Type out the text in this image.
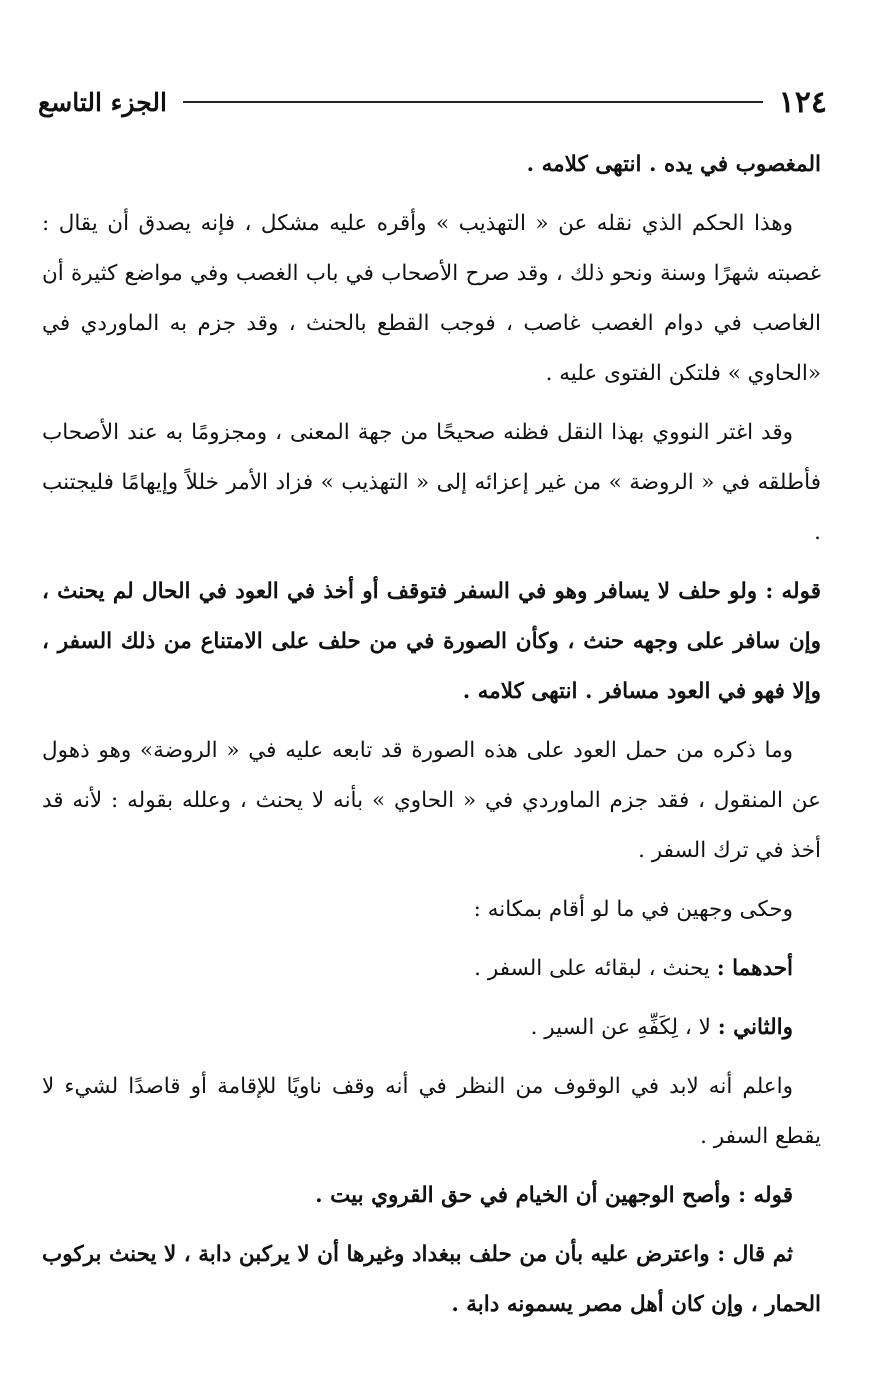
١٢٤
الجزء التاسع

المغصوب في يده . انتهى كلامه .

وهذا الحكم الذي نقله عن « التهذيب » وأقره عليه مشكل ، فإنه يصدق أن يقال : غصبته شهرًا وسنة ونحو ذلك ، وقد صرح الأصحاب في باب الغصب وفي مواضع كثيرة أن الغاصب في دوام الغصب غاصب ، فوجب القطع بالحنث ، وقد جزم به الماوردي في «الحاوي » فلتكن الفتوى عليه .

وقد اغتر النووي بهذا النقل فظنه صحيحًا من جهة المعنى ، ومجزومًا به عند الأصحاب فأطلقه في « الروضة » من غير إعزائه إلى « التهذيب » فزاد الأمر خللاً وإيهامًا فليجتنب .

قوله : ولو حلف لا يسافر وهو في السفر فتوقف أو أخذ في العود في الحال لم يحنث ، وإن سافر على وجهه حنث ، وكأن الصورة في من حلف على الامتناع من ذلك السفر ، وإلا فهو في العود مسافر . انتهى كلامه .

وما ذكره من حمل العود على هذه الصورة قد تابعه عليه في « الروضة» وهو ذهول عن المنقول ، فقد جزم الماوردي في « الحاوي » بأنه لا يحنث ، وعلله بقوله : لأنه قد أخذ في ترك السفر .

وحكى وجهين في ما لو أقام بمكانه :

أحدهما : يحنث ، لبقائه على السفر .

والثاني : لا ، لِكَفِّهِ عن السير .

واعلم أنه لابد في الوقوف من النظر في أنه وقف ناويًا للإقامة أو قاصدًا لشيء لا يقطع السفر .

قوله : وأصح الوجهين أن الخيام في حق القروي بيت .

ثم قال : واعترض عليه بأن من حلف ببغداد وغيرها أن لا يركبن دابة ، لا يحنث بركوب الحمار ، وإن كان أهل مصر يسمونه دابة .
